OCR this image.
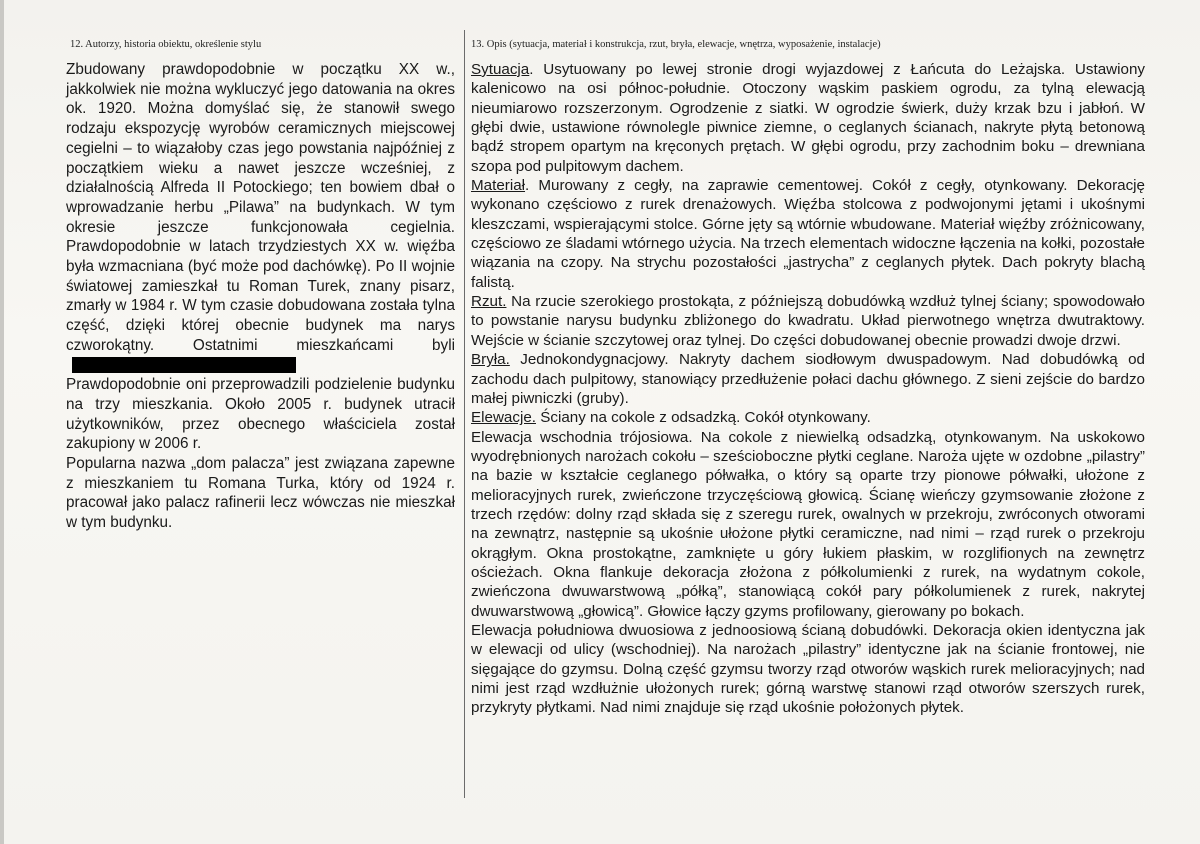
12. Autorzy, historia obiektu, określenie stylu	13. Opis (sytuacja, materiał i konstrukcja, rzut, bryła, elewacje, wnętrza, wyposażenie, instalacje)

Zbudowany prawdopodobnie w początku XX w., jakkolwiek nie można wykluczyć jego datowania na okres ok. 1920. Można domyślać się, że stanowił swego rodzaju ekspozycję wyrobów ceramicznych miejscowej cegielni – to wiązałoby czas jego powstania najpóźniej z początkiem wieku a nawet jeszcze wcześniej, z działalnością Alfreda II Potockiego; ten bowiem dbał o wprowadzanie herbu „Pilawa” na budynkach. W tym okresie jeszcze funkcjonowała cegielnia. Prawdopodobnie w latach trzydziestych XX w. więźba była wzmacniana (być może pod dachówkę). Po II wojnie światowej zamieszkał tu Roman Turek, znany pisarz, zmarły w 1984 r. W tym czasie dobudowana została tylna część, dzięki której obecnie budynek ma narys czworokątny. Ostatnimi mieszkańcami byli

Prawdopodobnie oni przeprowadzili podzielenie budynku na trzy mieszkania. Około 2005 r. budynek utracił użytkowników, przez obecnego właściciela został zakupiony w 2006 r.

Popularna nazwa „dom palacza” jest związana zapewne z mieszkaniem tu Romana Turka, który od 1924 r. pracował jako palacz rafinerii lecz wówczas nie mieszkał w tym budynku.

Sytuacja. Usytuowany po lewej stronie drogi wyjazdowej z Łańcuta do Leżajska. Ustawiony kalenicowo na osi północ-południe. Otoczony wąskim paskiem ogrodu, za tylną elewacją nieumiarowo rozszerzonym. Ogrodzenie z siatki. W ogrodzie świerk, duży krzak bzu i jabłoń. W głębi dwie, ustawione równolegle piwnice ziemne, o ceglanych ścianach, nakryte płytą betonową bądź stropem opartym na kręconych prętach. W głębi ogrodu, przy zachodnim boku – drewniana szopa pod pulpitowym dachem.

Materiał. Murowany z cegły, na zaprawie cementowej. Cokół z cegły, otynkowany. Dekorację wykonano częściowo z rurek drenażowych. Więźba stolcowa z podwojonymi jętami i ukośnymi kleszczami, wspierającymi stolce. Górne jęty są wtórnie wbudowane. Materiał więźby zróżnicowany, częściowo ze śladami wtórnego użycia. Na trzech elementach widoczne łączenia na kołki, pozostałe wiązania na czopy. Na strychu pozostałości „jastrycha” z ceglanych płytek. Dach pokryty blachą falistą.

Rzut. Na rzucie szerokiego prostokąta, z późniejszą dobudówką wzdłuż tylnej ściany; spowodowało to powstanie narysu budynku zbliżonego do kwadratu. Układ pierwotnego wnętrza dwutraktowy. Wejście w ścianie szczytowej oraz tylnej. Do części dobudowanej obecnie prowadzi dwoje drzwi.

Bryła. Jednokondygnacjowy. Nakryty dachem siodłowym dwuspadowym. Nad dobudówką od zachodu dach pulpitowy, stanowiący przedłużenie połaci dachu głównego. Z sieni zejście do bardzo małej piwniczki (gruby).

Elewacje. Ściany na cokole z odsadzką. Cokół otynkowany.

Elewacja wschodnia trójosiowa. Na cokole z niewielką odsadzką, otynkowanym. Na uskokowo wyodrębnionych narożach cokołu – sześcioboczne płytki ceglane. Naroża ujęte w ozdobne „pilastry” na bazie w kształcie ceglanego półwałka, o który są oparte trzy pionowe półwałki, ułożone z melioracyjnych rurek, zwieńczone trzyczęściową głowicą. Ścianę wieńczy gzymsowanie złożone z trzech rzędów: dolny rząd składa się z szeregu rurek, owalnych w przekroju, zwróconych otworami na zewnątrz, następnie są ukośnie ułożone płytki ceramiczne, nad nimi – rząd rurek o przekroju okrągłym. Okna prostokątne, zamknięte u góry łukiem płaskim, w rozglifionych na zewnętrz ościeżach. Okna flankuje dekoracja złożona z półkolumienki z rurek, na wydatnym cokole, zwieńczona dwuwarstwową „półką”, stanowiącą cokół pary półkolumienek z rurek, nakrytej dwuwarstwową „głowicą”. Głowice łączy gzyms profilowany, gierowany po bokach.

Elewacja południowa dwuosiowa z jednoosiową ścianą dobudówki. Dekoracja okien identyczna jak w elewacji od ulicy (wschodniej). Na narożach „pilastry” identyczne jak na ścianie frontowej, nie sięgające do gzymsu. Dolną część gzymsu tworzy rząd otworów wąskich rurek melioracyjnych; nad nimi jest rząd wzdłużnie ułożonych rurek; górną warstwę stanowi rząd otworów szerszych rurek, przykryty płytkami. Nad nimi znajduje się rząd ukośnie położonych płytek.
